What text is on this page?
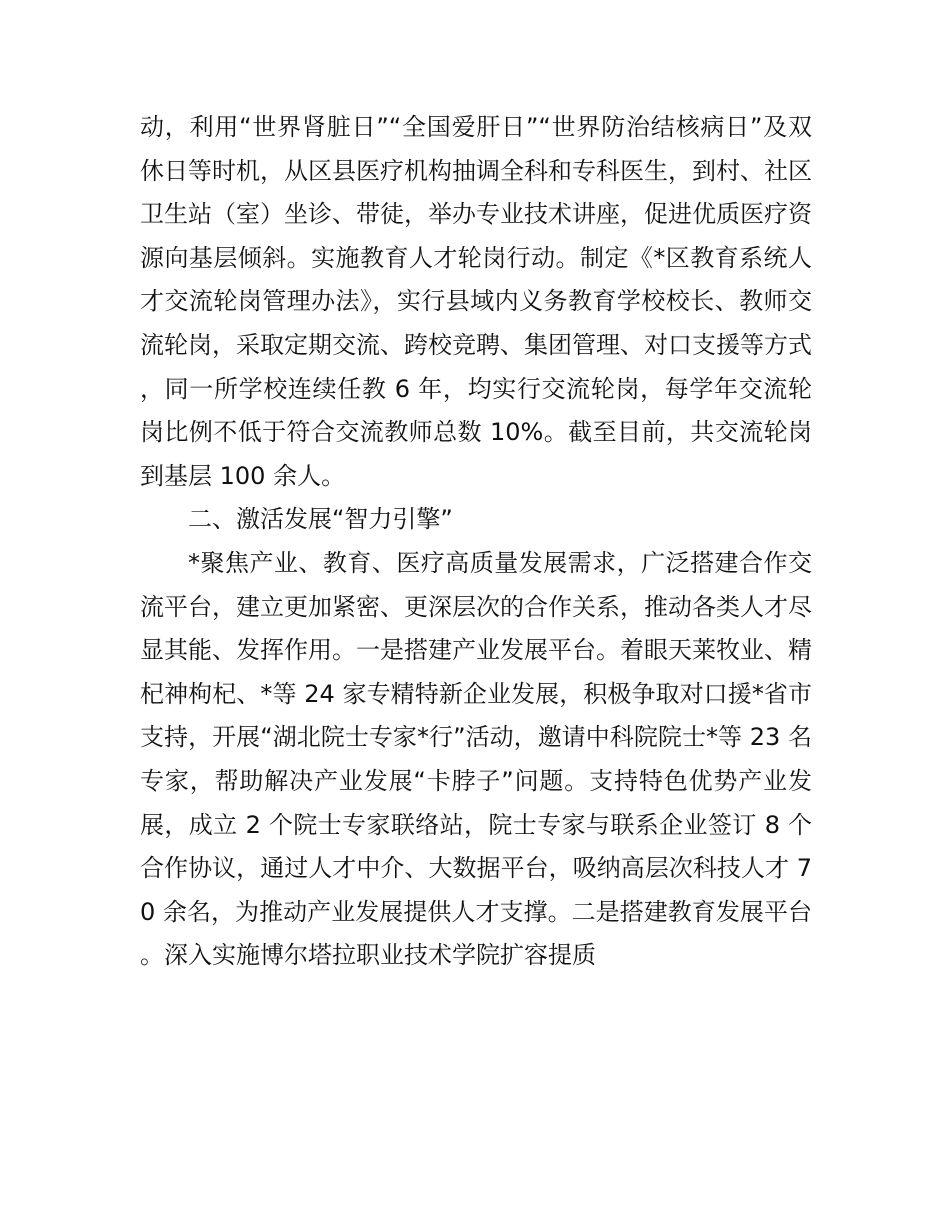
动，利用“世界肾脏日”“全国爱肝日”“世界防治结核病日”及双休日等时机，从区县医疗机构抽调全科和专科医生，到村、社区卫生站（室）坐诊、带徒，举办专业技术讲座，促进优质医疗资源向基层倾斜。实施教育人才轮岗行动。制定《*区教育系统人才交流轮岗管理办法》，实行县域内义务教育学校校长、教师交流轮岗，采取定期交流、跨校竞聘、集团管理、对口支援等方式，同一所学校连续任教 6 年，均实行交流轮岗，每学年交流轮岗比例不低于符合交流教师总数 10%。截至目前，共交流轮岗到基层 100 余人。

二、激活发展“智力引擎”

*聚焦产业、教育、医疗高质量发展需求，广泛搭建合作交流平台，建立更加紧密、更深层次的合作关系，推动各类人才尽显其能、发挥作用。一是搭建产业发展平台。着眼天莱牧业、精杞神枸杞、*等 24 家专精特新企业发展，积极争取对口援*省市支持，开展“湖北院士专家*行”活动，邀请中科院院士*等 23 名专家，帮助解决产业发展“卡脖子”问题。支持特色优势产业发展，成立 2 个院士专家联络站，院士专家与联系企业签订 8 个合作协议，通过人才中介、大数据平台，吸纳高层次科技人才 70 余名，为推动产业发展提供人才支撑。二是搭建教育发展平台。深入实施博尔塔拉职业技术学院扩容提质
